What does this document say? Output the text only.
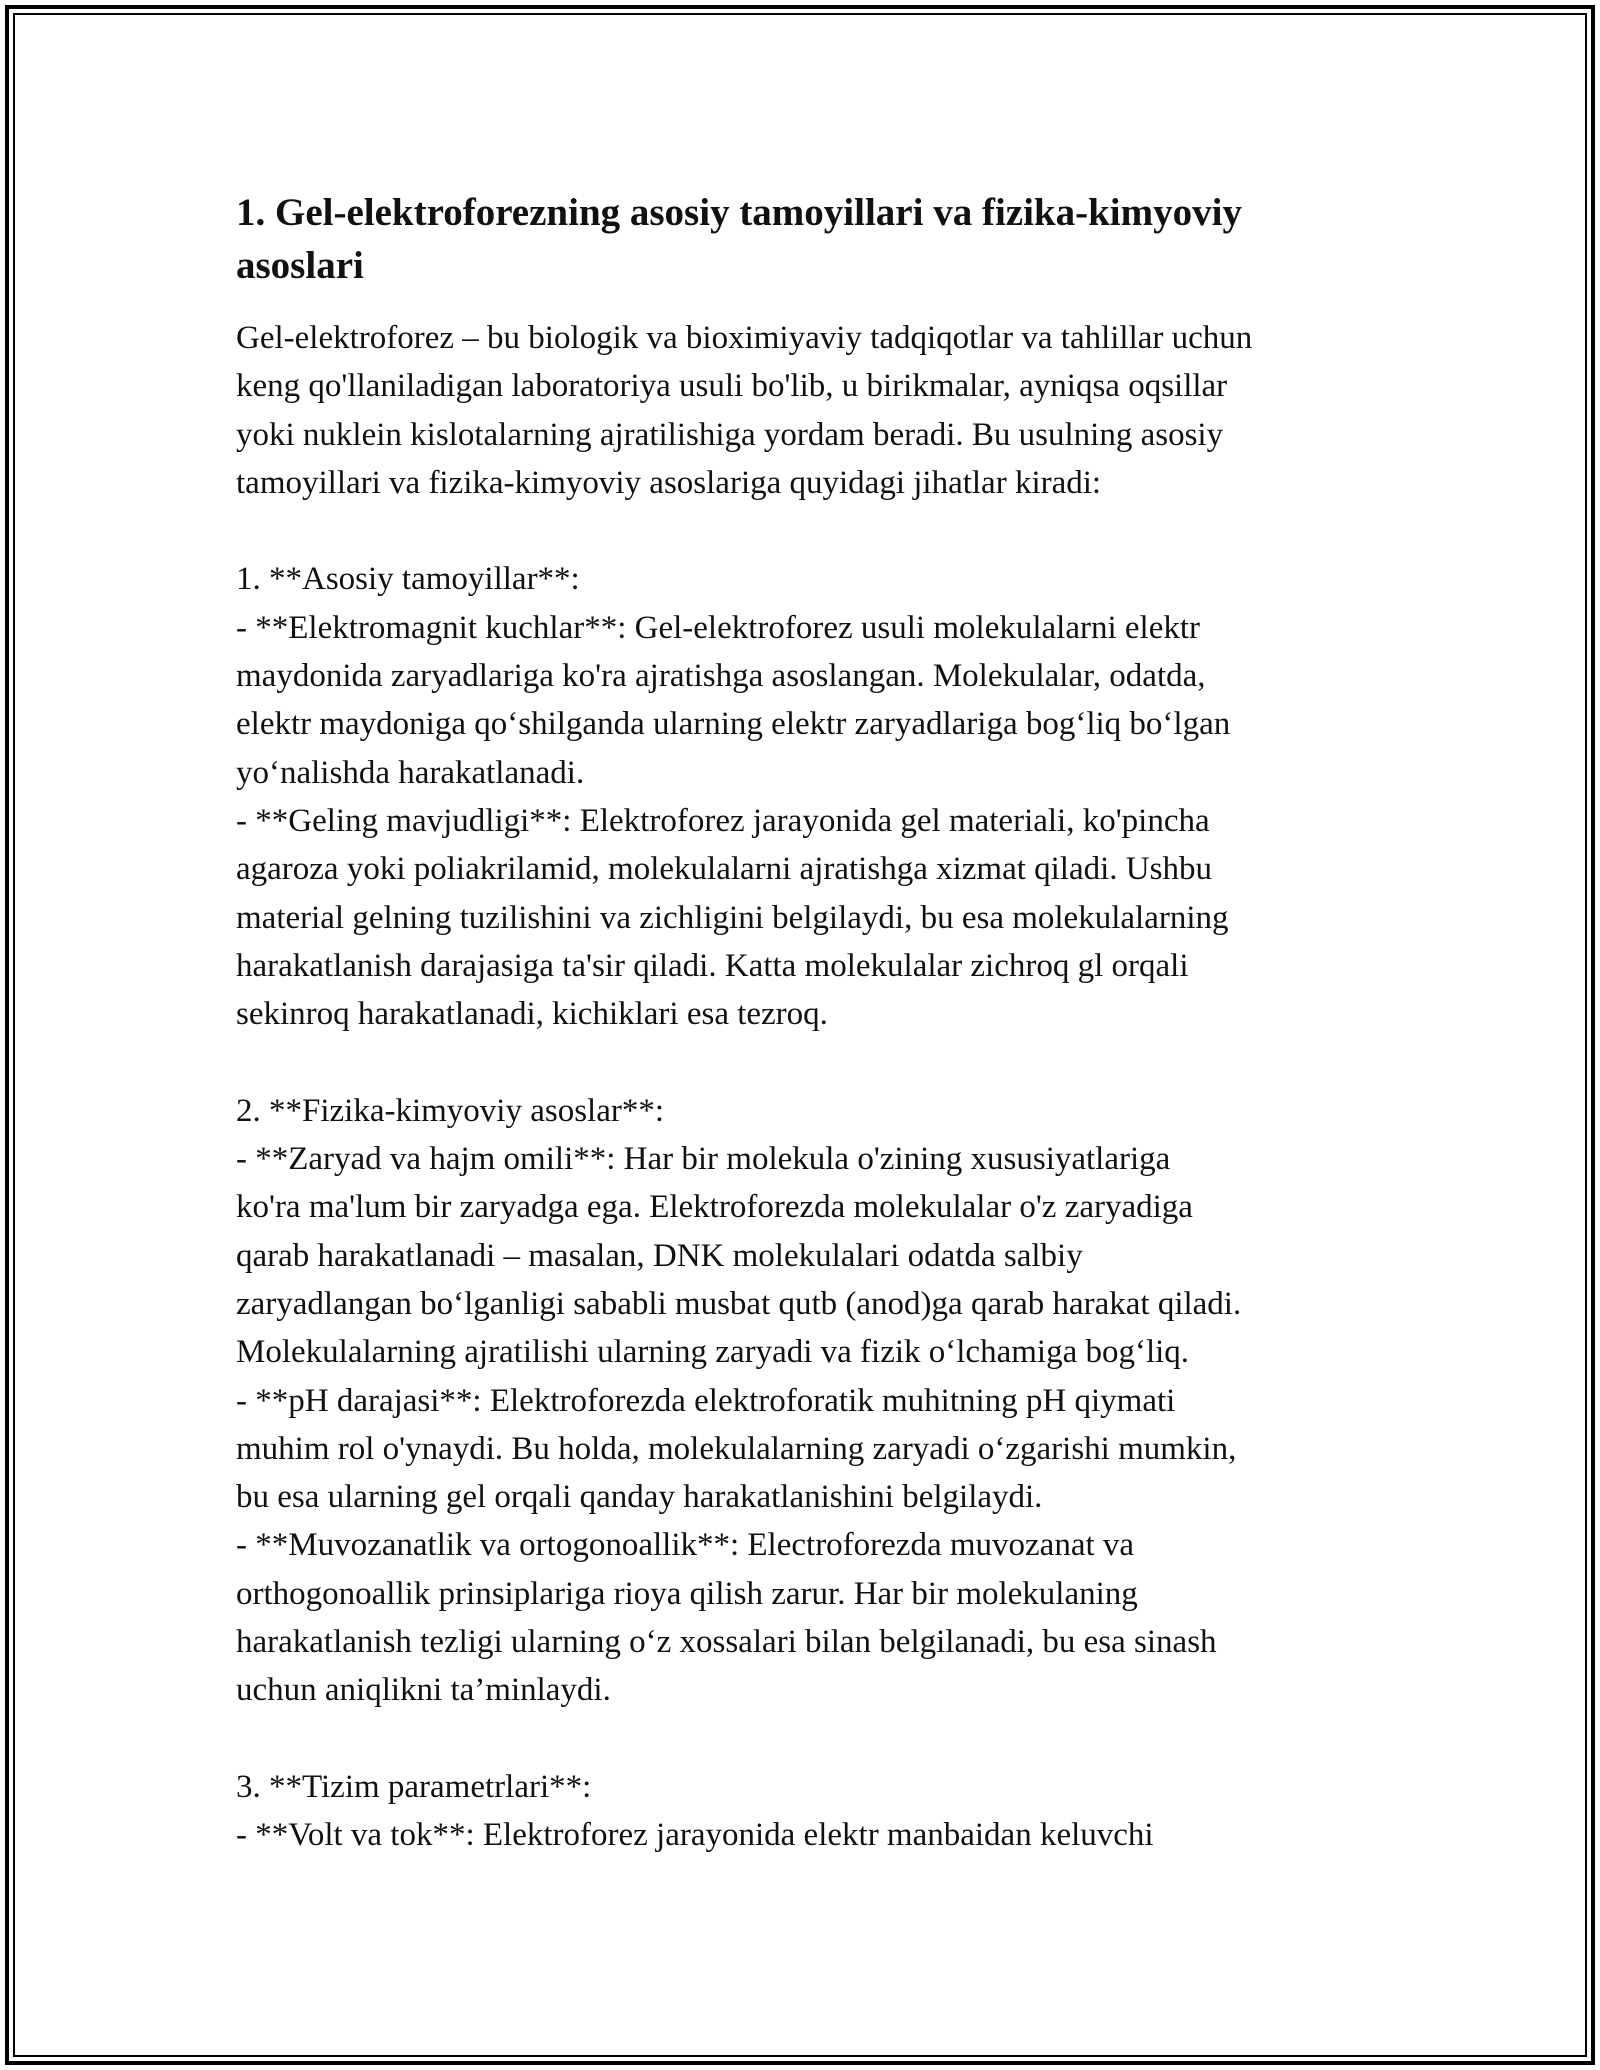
1. Gel-elektroforezning asosiy tamoyillari va fizika-kimyoviy
asoslari

Gel-elektroforez – bu biologik va bioximiyaviy tadqiqotlar va tahlillar uchun
keng qo'llaniladigan laboratoriya usuli bo'lib, u birikmalar, ayniqsa oqsillar
yoki nuklein kislotalarning ajratilishiga yordam beradi. Bu usulning asosiy
tamoyillari va fizika-kimyoviy asoslariga quyidagi jihatlar kiradi:

1. **Asosiy tamoyillar**:
- **Elektromagnit kuchlar**: Gel-elektroforez usuli molekulalarni elektr
maydonida zaryadlariga ko'ra ajratishga asoslangan. Molekulalar, odatda,
elektr maydoniga qo‘shilganda ularning elektr zaryadlariga bog‘liq bo‘lgan
yo‘nalishda harakatlanadi.
- **Geling mavjudligi**: Elektroforez jarayonida gel materiali, ko'pincha
agaroza yoki poliakrilamid, molekulalarni ajratishga xizmat qiladi. Ushbu
material gelning tuzilishini va zichligini belgilaydi, bu esa molekulalarning
harakatlanish darajasiga ta'sir qiladi. Katta molekulalar zichroq gl orqali
sekinroq harakatlanadi, kichiklari esa tezroq.

2. **Fizika-kimyoviy asoslar**:
- **Zaryad va hajm omili**: Har bir molekula o'zining xususiyatlariga
ko'ra ma'lum bir zaryadga ega. Elektroforezda molekulalar o'z zaryadiga
qarab harakatlanadi – masalan, DNK molekulalari odatda salbiy
zaryadlangan bo‘lganligi sababli musbat qutb (anod)ga qarab harakat qiladi.
Molekulalarning ajratilishi ularning zaryadi va fizik o‘lchamiga bog‘liq.
- **pH darajasi**: Elektroforezda elektroforatik muhitning pH qiymati
muhim rol o'ynaydi. Bu holda, molekulalarning zaryadi o‘zgarishi mumkin,
bu esa ularning gel orqali qanday harakatlanishini belgilaydi.
- **Muvozanatlik va ortogonoallik**: Electroforezda muvozanat va
orthogonoallik prinsiplariga rioya qilish zarur. Har bir molekulaning
harakatlanish tezligi ularning o‘z xossalari bilan belgilanadi, bu esa sinash
uchun aniqlikni ta’minlaydi.

3. **Tizim parametrlari**:
- **Volt va tok**: Elektroforez jarayonida elektr manbaidan keluvchi
